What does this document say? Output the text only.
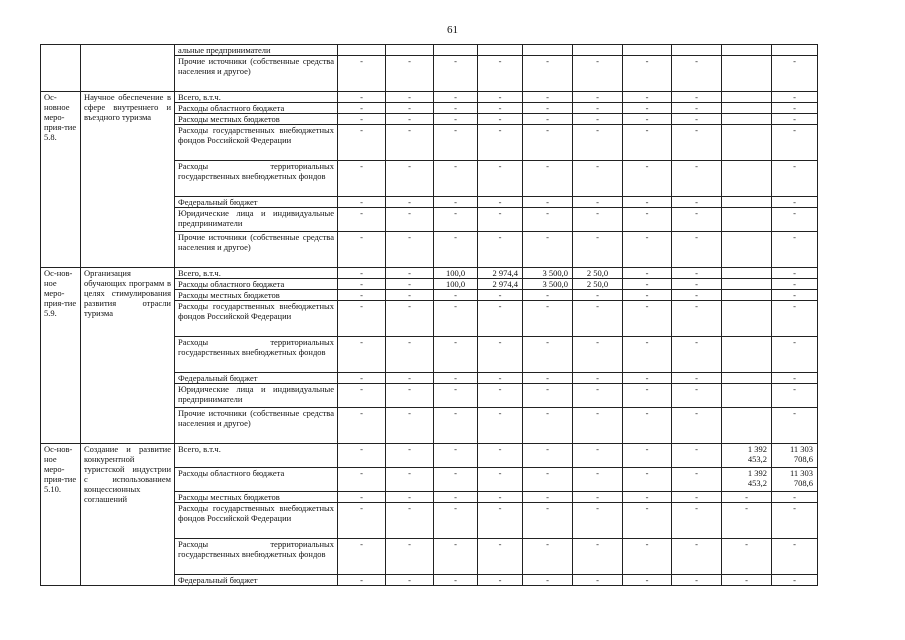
61
		альные предприниматели										
		Прочие источники (собственные средства населения и другое)	-	-	-	-	-	-	-	-		-
Ос-новное меро-прия-тие 5.8.	Научное обеспечение в сфере внутреннего и въездного туризма	Всего, в.т.ч.	-	-	-	-	-	-	-	-		-
		Расходы областного бюджета	-	-	-	-	-	-	-	-		-
		Расходы местных бюджетов	-	-	-	-	-	-	-	-		-
		Расходы государственных внебюджетных фондов Российской Федерации	-	-	-	-	-	-	-	-		-
		Расходы территориальных государственных внебюджетных фондов	-	-	-	-	-	-	-	-		-
		Федеральный бюджет	-	-	-	-	-	-	-	-		-
		Юридические лица и индивидуальные предприниматели	-	-	-	-	-	-	-	-		-
		Прочие источники (собственные средства населения и другое)	-	-	-	-	-	-	-	-		-
Ос-нов-ное меро-прия-тие 5.9.	Организация обучающих программ в целях стимулирования развития отрасли туризма	Всего, в.т.ч.	-	-	100,0	2 974,4	3 500,0	2 50,0	-	-		-
		Расходы областного бюджета	-	-	100,0	2 974,4	3 500,0	2 50,0	-	-		-
		Расходы местных бюджетов	-	-	-	-	-	-	-	-		-
		Расходы государственных внебюджетных фондов Российской Федерации	-	-	-	-	-	-	-	-		-
		Расходы территориальных государственных внебюджетных фондов	-	-	-	-	-	-	-	-		-
		Федеральный бюджет	-	-	-	-	-	-	-	-		-
		Юридические лица и индивидуальные предприниматели	-	-	-	-	-	-	-	-		-
		Прочие источники (собственные средства населения и другое)	-	-	-	-	-	-	-	-		-
Ос-нов-ное меро-прия-тие 5.10.	Создание и развитие конкурентной туристской индустрии с использованием концессионных соглашений	Всего, в.т.ч.	-	-	-	-	-	-	-	-	1 392
453,2	11 303
708,6

		Расходы областного бюджета	-	-	-	-	-	-	-	-	1 392
453,2	11 303
708,6

		Расходы местных бюджетов	-	-	-	-	-	-	-	-	-	-
		Расходы государственных внебюджетных фондов Российской Федерации	-	-	-	-	-	-	-	-	-	-
		Расходы территориальных государственных внебюджетных фондов	-	-	-	-	-	-	-	-	-	-
		Федеральный бюджет	-	-	-	-	-	-	-	-	-	-
